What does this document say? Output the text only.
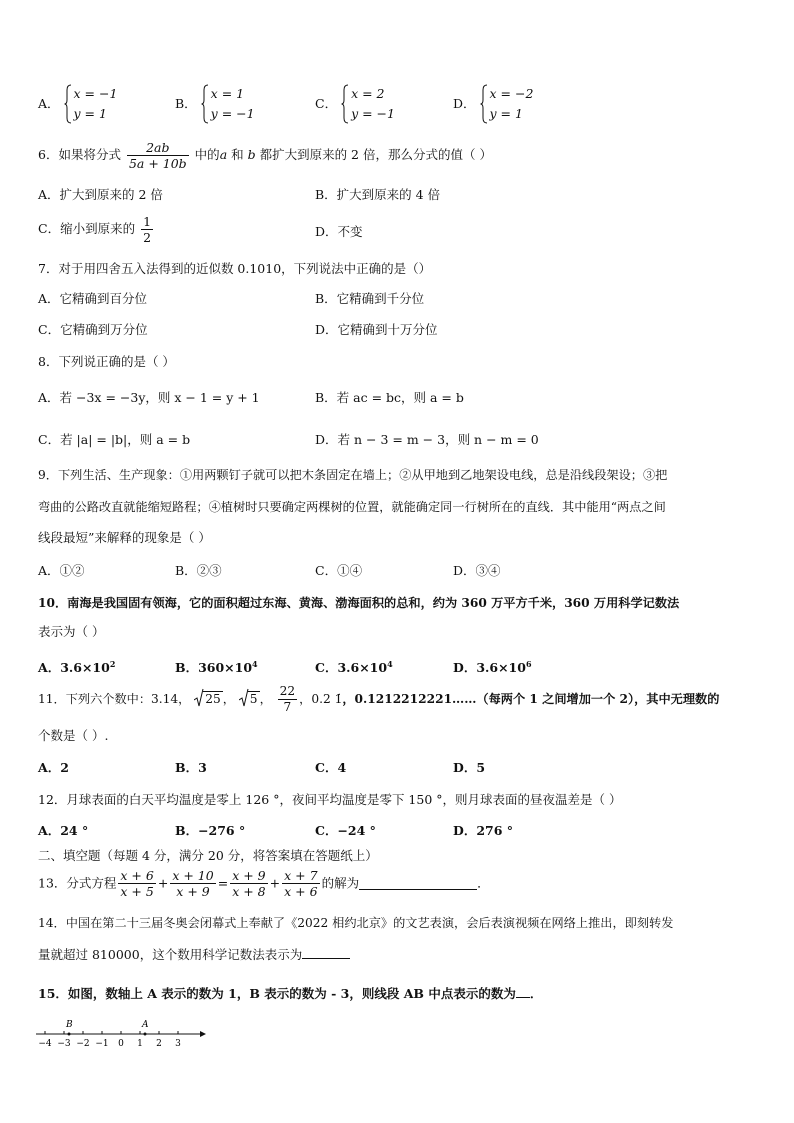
A．
x = −1
y = 1
B．
x = 1
y = −1
C．
x = 2
y = −1
D．
x = −2
y = 1
6．如果将分式 $\frac{2ab}{5a + 10b}$ 中的a 和 b 都扩大到原来的 2 倍，那么分式的值（ ）
A．扩大到原来的 2 倍	B．扩大到原来的 4 倍
C．缩小到原来的 $\frac{1}{2}$	D．不变
7．对于用四舍五入法得到的近似数 0.1010，下列说法中正确的是（）
A．它精确到百分位	B．它精确到千分位
C．它精确到万分位	D．它精确到十万分位
8．下列说正确的是（ ）
A．若 −3x = −3y，则 x − 1 = y + 1	B．若 ac = bc，则 a = b
C．若 |a| = |b|，则 a = b	D．若 n − 3 = m − 3，则 n − m = 0
9．下列生活、生产现象：①用两颗钉子就可以把木条固定在墙上；②从甲地到乙地架设电线，总是沿线段架设；③把
弯曲的公路改直就能缩短路程；④植树时只要确定两棵树的位置，就能确定同一行树所在的直线．其中能用“两点之间
线段最短”来解释的现象是（ ）
A．①②	B．②③	C．①④	D．③④
10．南海是我国固有领海，它的面积超过东海、黄海、渤海面积的总和，约为 360 万平方千米，360 万用科学记数法
表示为（ ）
A．$3.6\times 10^2$	B．$360\times 10^4$	C．$3.6\times 10^4$	D．$3.6\times 10^6$
11．下列六个数中：3.14， 25 ，
5 ， $\frac{22}{7}$ ，0.2 1̇，0.1212212221……（每两个 1 之间增加一个 2），其中无理数的
个数是（ ）.
A．2	B．3	C．4	D．5
12．月球表面的白天平均温度是零上 126 °，夜间平均温度是零下 150 °，则月球表面的昼夜温差是（ ）
A．24 °	B．−276 °	C．−24 °	D．276 °
二、填空题（每题 4 分，满分 20 分，将答案填在答题纸上）
13．分式方程 $\frac{x + 6}{x + 5} + \frac{x + 10}{x + 9} = \frac{x + 9}{x + 8} + \frac{x + 7}{x + 6}$ 的解为	．
14．中国在第二十三届冬奥会闭幕式上奉献了《2022 相约北京》的文艺表演，会后表演视频在网络上推出，即刻转发
量就超过 810000，这个数用科学记数法表示为
15．如图，数轴上 A 表示的数为 1，B 表示的数为 - 3，则线段 AB 中点表示的数为 ．
−4 −3 −2 −1 0 1 2 3
B	A
